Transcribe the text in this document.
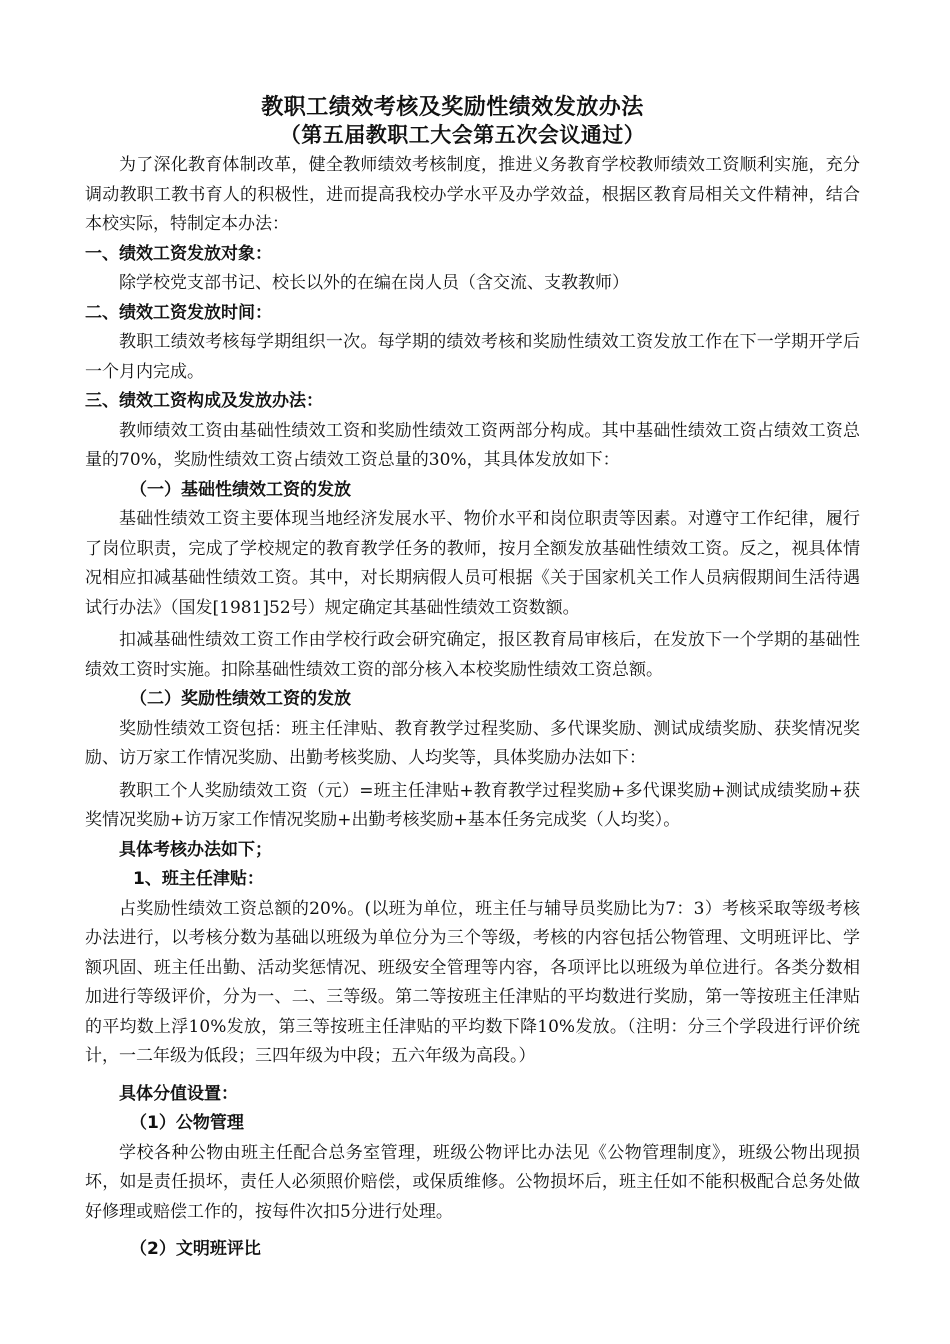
教职工绩效考核及奖励性绩效发放办法
（第五届教职工大会第五次会议通过）

为了深化教育体制改革，健全教师绩效考核制度，推进义务教育学校教师绩效工资顺利实施，充分调动教职工教书育人的积极性，进而提高我校办学水平及办学效益，根据区教育局相关文件精神，结合本校实际，特制定本办法：

一、绩效工资发放对象：

除学校党支部书记、校长以外的在编在岗人员（含交流、支教教师）

二、绩效工资发放时间：

教职工绩效考核每学期组织一次。每学期的绩效考核和奖励性绩效工资发放工作在下一学期开学后一个月内完成。

三、绩效工资构成及发放办法：

教师绩效工资由基础性绩效工资和奖励性绩效工资两部分构成。其中基础性绩效工资占绩效工资总量的70%，奖励性绩效工资占绩效工资总量的30%，其具体发放如下：

（一）基础性绩效工资的发放

基础性绩效工资主要体现当地经济发展水平、物价水平和岗位职责等因素。对遵守工作纪律，履行了岗位职责，完成了学校规定的教育教学任务的教师，按月全额发放基础性绩效工资。反之，视具体情况相应扣减基础性绩效工资。其中，对长期病假人员可根据《关于国家机关工作人员病假期间生活待遇试行办法》（国发[1981]52号）规定确定其基础性绩效工资数额。

扣减基础性绩效工资工作由学校行政会研究确定，报区教育局审核后，在发放下一个学期的基础性绩效工资时实施。扣除基础性绩效工资的部分核入本校奖励性绩效工资总额。

（二）奖励性绩效工资的发放

奖励性绩效工资包括：班主任津贴、教育教学过程奖励、多代课奖励、测试成绩奖励、获奖情况奖励、访万家工作情况奖励、出勤考核奖励、人均奖等，具体奖励办法如下：

教职工个人奖励绩效工资（元）=班主任津贴+教育教学过程奖励+多代课奖励+测试成绩奖励+获奖情况奖励+访万家工作情况奖励+出勤考核奖励+基本任务完成奖（人均奖）。

具体考核办法如下；

1、班主任津贴：

占奖励性绩效工资总额的20%。(以班为单位，班主任与辅导员奖励比为7：3）考核采取等级考核办法进行，以考核分数为基础以班级为单位分为三个等级，考核的内容包括公物管理、文明班评比、学额巩固、班主任出勤、活动奖惩情况、班级安全管理等内容，各项评比以班级为单位进行。各类分数相加进行等级评价，分为一、二、三等级。第二等按班主任津贴的平均数进行奖励，第一等按班主任津贴的平均数上浮10%发放，第三等按班主任津贴的平均数下降10%发放。（注明：分三个学段进行评价统计，一二年级为低段；三四年级为中段；五六年级为高段。）

具体分值设置：

（1）公物管理

学校各种公物由班主任配合总务室管理，班级公物评比办法见《公物管理制度》，班级公物出现损坏，如是责任损坏，责任人必须照价赔偿，或保质维修。公物损坏后，班主任如不能积极配合总务处做好修理或赔偿工作的，按每件次扣5分进行处理。

（2）文明班评比
